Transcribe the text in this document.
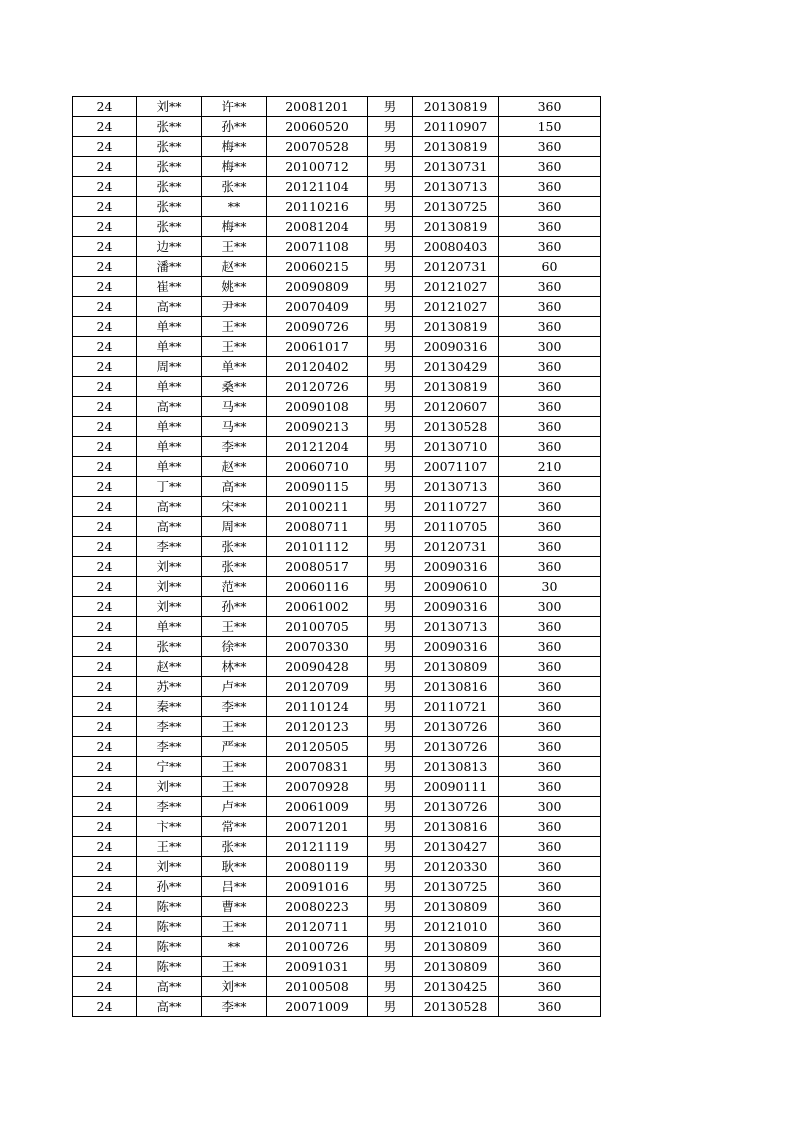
24	刘**	许**	20081201	男	20130819	360
24	张**	孙**	20060520	男	20110907	150
24	张**	梅**	20070528	男	20130819	360
24	张**	梅**	20100712	男	20130731	360
24	张**	张**	20121104	男	20130713	360
24	张**	**	20110216	男	20130725	360
24	张**	梅**	20081204	男	20130819	360
24	边**	王**	20071108	男	20080403	360
24	潘**	赵**	20060215	男	20120731	60
24	崔**	姚**	20090809	男	20121027	360
24	高**	尹**	20070409	男	20121027	360
24	单**	王**	20090726	男	20130819	360
24	单**	王**	20061017	男	20090316	300
24	周**	单**	20120402	男	20130429	360
24	单**	桑**	20120726	男	20130819	360
24	高**	马**	20090108	男	20120607	360
24	单**	马**	20090213	男	20130528	360
24	单**	李**	20121204	男	20130710	360
24	单**	赵**	20060710	男	20071107	210
24	丁**	高**	20090115	男	20130713	360
24	高**	宋**	20100211	男	20110727	360
24	高**	周**	20080711	男	20110705	360
24	李**	张**	20101112	男	20120731	360
24	刘**	张**	20080517	男	20090316	360
24	刘**	范**	20060116	男	20090610	30
24	刘**	孙**	20061002	男	20090316	300
24	单**	王**	20100705	男	20130713	360
24	张**	徐**	20070330	男	20090316	360
24	赵**	林**	20090428	男	20130809	360
24	苏**	卢**	20120709	男	20130816	360
24	秦**	李**	20110124	男	20110721	360
24	李**	王**	20120123	男	20130726	360
24	李**	严**	20120505	男	20130726	360
24	宁**	王**	20070831	男	20130813	360
24	刘**	王**	20070928	男	20090111	360
24	李**	卢**	20061009	男	20130726	300
24	卞**	常**	20071201	男	20130816	360
24	王**	张**	20121119	男	20130427	360
24	刘**	耿**	20080119	男	20120330	360
24	孙**	吕**	20091016	男	20130725	360
24	陈**	曹**	20080223	男	20130809	360
24	陈**	王**	20120711	男	20121010	360
24	陈**	**	20100726	男	20130809	360
24	陈**	王**	20091031	男	20130809	360
24	高**	刘**	20100508	男	20130425	360
24	高**	李**	20071009	男	20130528	360
